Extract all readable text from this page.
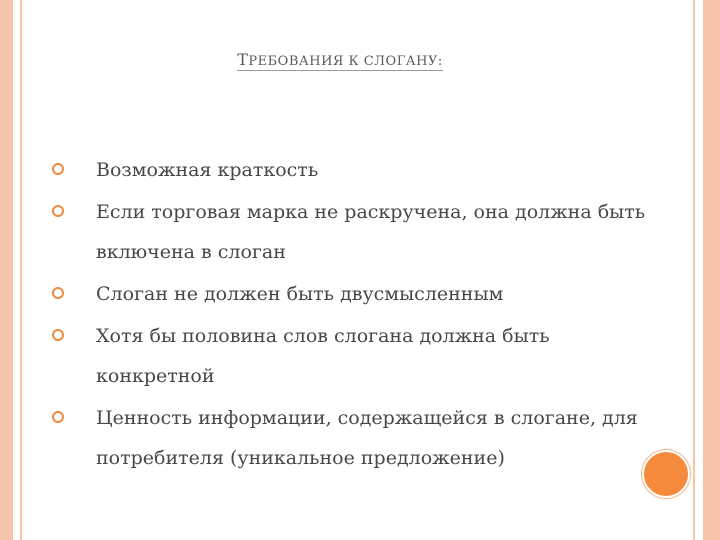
ТРЕБОВАНИЯ К СЛОГАНУ:
Возможная краткость
Если торговая марка не раскручена, она должна быть включена в слоган
Слоган не должен быть двусмысленным
Хотя бы половина слов слогана должна быть конкретной
Ценность информации, содержащейся в слогане, для потребителя (уникальное предложение)
